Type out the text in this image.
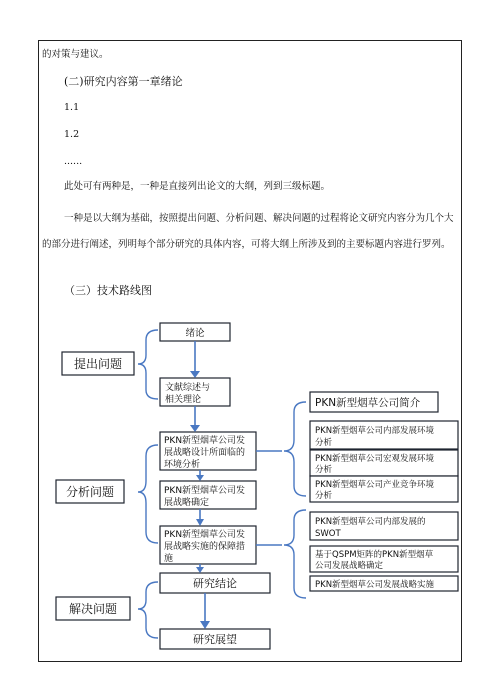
的对策与建议。
(二)研究内容第一章绪论
1.1
1.2
......
此处可有两种是，一种是直接列出论文的大纲，列到三级标题。
一种是以大纲为基础，按照提出问题、分析问题、解决问题的过程将论文研究内容分为几个大的部分进行阐述，列明每个部分研究的具体内容，可将大纲上所涉及到的主要标题内容进行罗列。
（三）技术路线图
提出问题
分析问题
解决问题
绪论
文献综述与
相关理论
PKN新型烟草公司发
展战略设计所面临的
环境分析
PKN新型烟草公司发
展战略确定
PKN新型烟草公司发
展战略实施的保障措
施
研究结论
研究展望
PKN新型烟草公司简介
PKN新型烟草公司内部发展环境
分析
PKN新型烟草公司宏观发展环境
分析
PKN新型烟草公司产业竞争环境
分析
PKN新型烟草公司内部发展的
SWOT
基于QSPM矩阵的PKN新型烟草
公司发展战略确定
PKN新型烟草公司发展战略实施
